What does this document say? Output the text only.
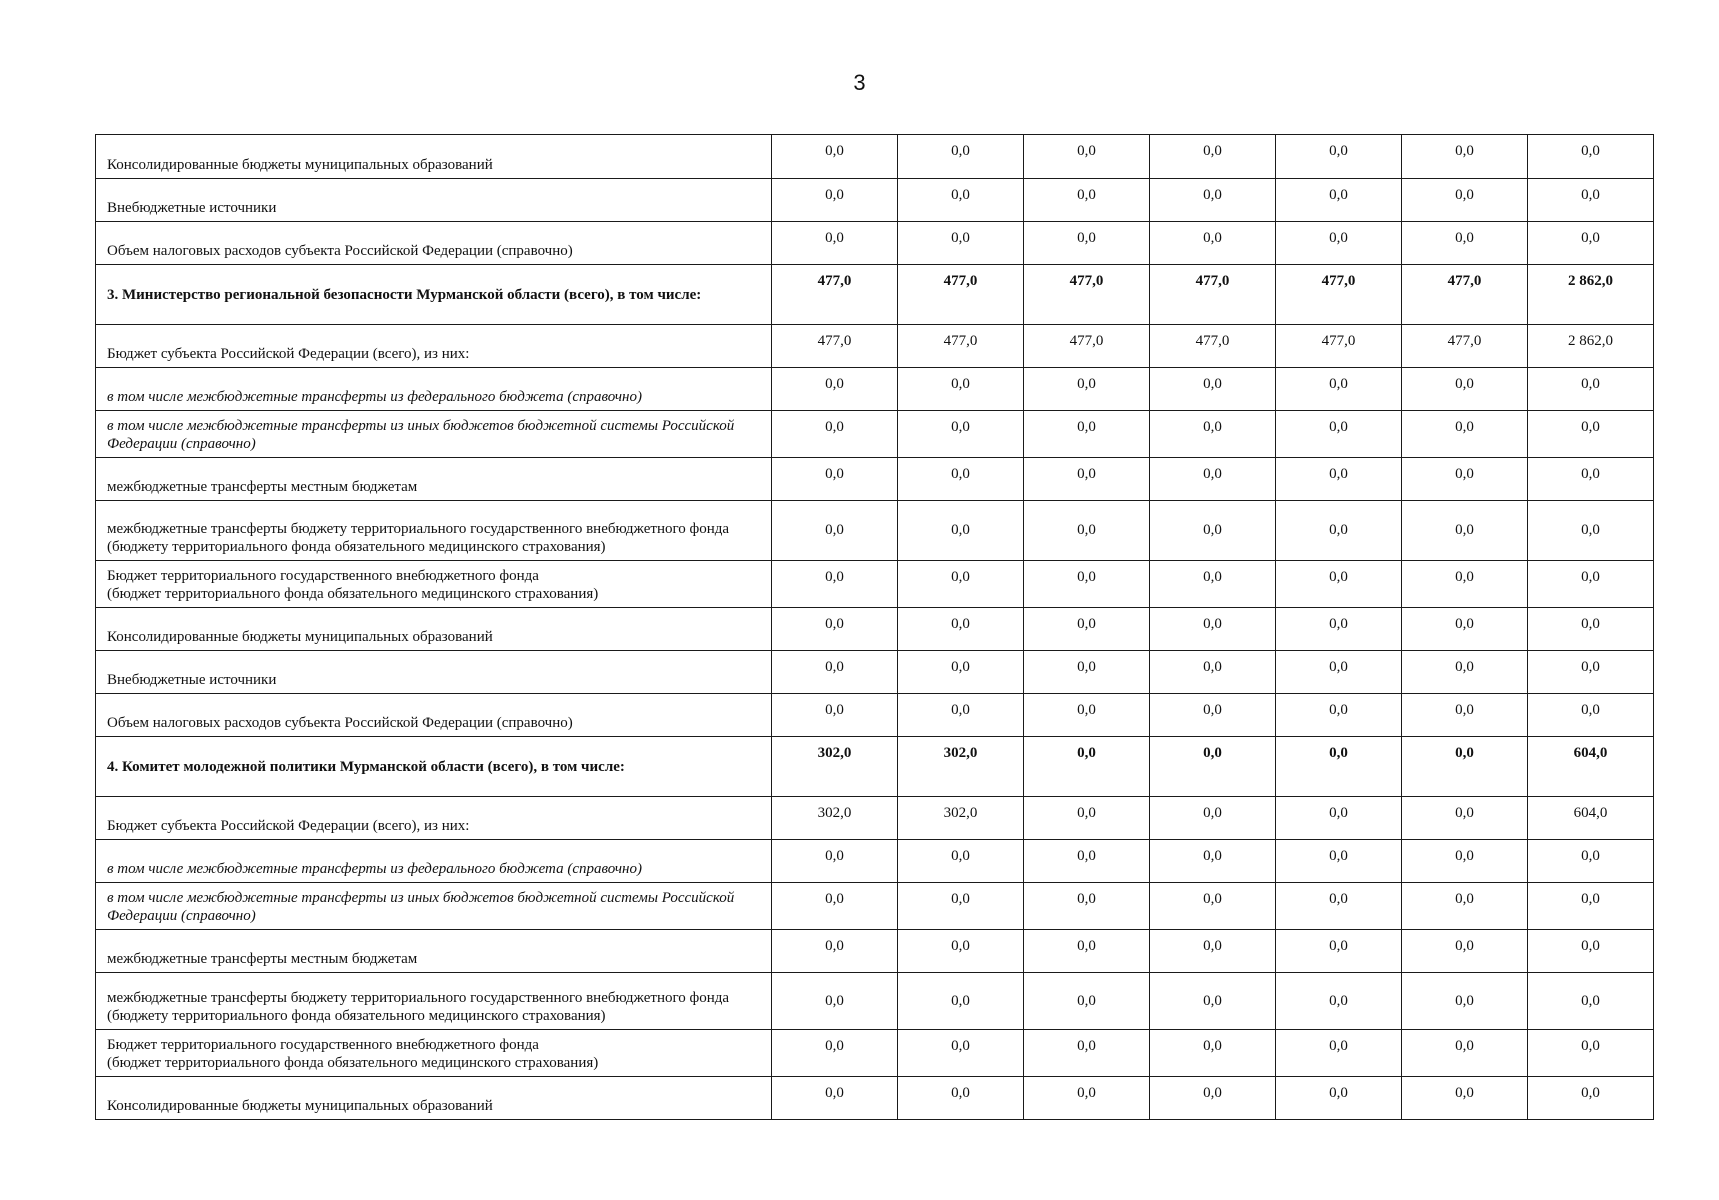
3
Консолидированные бюджеты муниципальных образований	0,0	0,0	0,0	0,0	0,0	0,0	0,0
Внебюджетные источники	0,0	0,0	0,0	0,0	0,0	0,0	0,0
Объем налоговых расходов субъекта Российской Федерации (справочно)	0,0	0,0	0,0	0,0	0,0	0,0	0,0
3. Министерство региональной безопасности Мурманской области (всего), в том числе:	477,0	477,0	477,0	477,0	477,0	477,0	2 862,0
Бюджет субъекта Российской Федерации (всего), из них:	477,0	477,0	477,0	477,0	477,0	477,0	2 862,0
в том числе межбюджетные трансферты из федерального бюджета (справочно)	0,0	0,0	0,0	0,0	0,0	0,0	0,0
в том числе межбюджетные трансферты из иных бюджетов бюджетной системы Российской Федерации (справочно)	0,0	0,0	0,0	0,0	0,0	0,0	0,0
межбюджетные трансферты местным бюджетам	0,0	0,0	0,0	0,0	0,0	0,0	0,0
межбюджетные трансферты бюджету территориального государственного внебюджетного фонда (бюджету территориального фонда обязательного медицинского страхования)	0,0	0,0	0,0	0,0	0,0	0,0	0,0
Бюджет территориального государственного внебюджетного фонда
(бюджет территориального фонда обязательного медицинского страхования)	0,0	0,0	0,0	0,0	0,0	0,0	0,0
Консолидированные бюджеты муниципальных образований	0,0	0,0	0,0	0,0	0,0	0,0	0,0
Внебюджетные источники	0,0	0,0	0,0	0,0	0,0	0,0	0,0
Объем налоговых расходов субъекта Российской Федерации (справочно)	0,0	0,0	0,0	0,0	0,0	0,0	0,0
4. Комитет молодежной политики Мурманской области (всего), в том числе:	302,0	302,0	0,0	0,0	0,0	0,0	604,0
Бюджет субъекта Российской Федерации (всего), из них:	302,0	302,0	0,0	0,0	0,0	0,0	604,0
в том числе межбюджетные трансферты из федерального бюджета (справочно)	0,0	0,0	0,0	0,0	0,0	0,0	0,0
в том числе межбюджетные трансферты из иных бюджетов бюджетной системы Российской Федерации (справочно)	0,0	0,0	0,0	0,0	0,0	0,0	0,0
межбюджетные трансферты местным бюджетам	0,0	0,0	0,0	0,0	0,0	0,0	0,0
межбюджетные трансферты бюджету территориального государственного внебюджетного фонда (бюджету территориального фонда обязательного медицинского страхования)	0,0	0,0	0,0	0,0	0,0	0,0	0,0
Бюджет территориального государственного внебюджетного фонда
(бюджет территориального фонда обязательного медицинского страхования)	0,0	0,0	0,0	0,0	0,0	0,0	0,0
Консолидированные бюджеты муниципальных образований	0,0	0,0	0,0	0,0	0,0	0,0	0,0
